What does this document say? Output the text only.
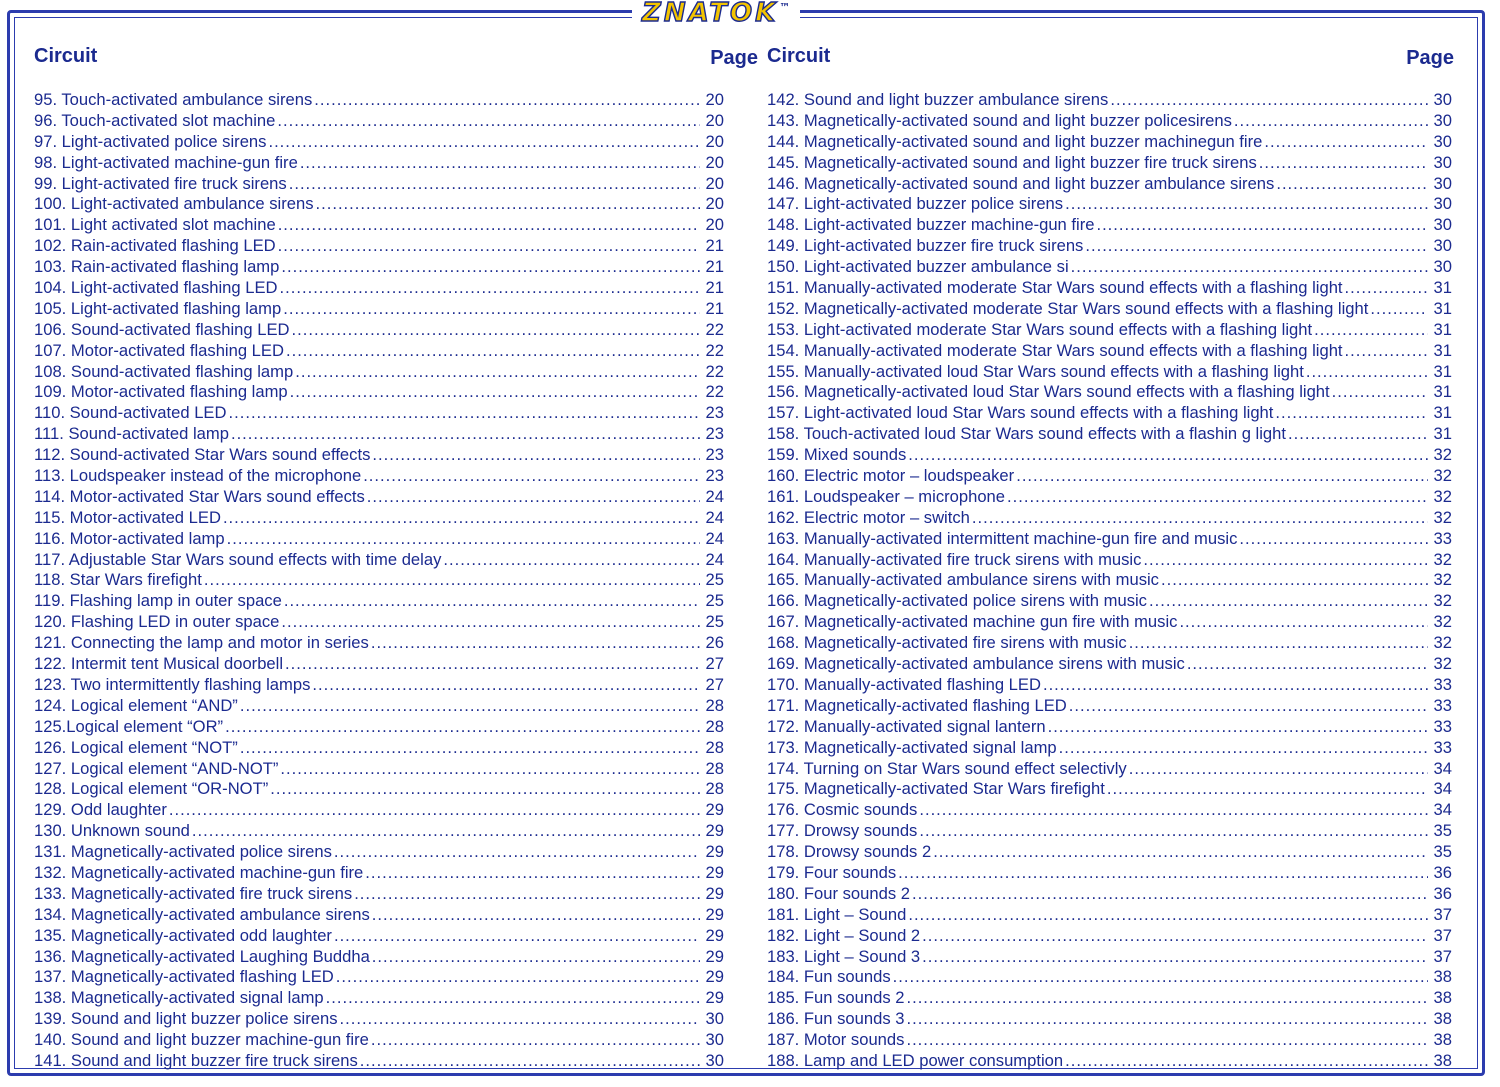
ZNATOK ™
Circuit	Page
95. Touch-activated ambulance sirens .....	20
96. Touch-activated slot machine .....	20
97. Light-activated police sirens .....	20
98. Light-activated machine-gun fire .....	20
99. Light-activated fire truck sirens .....	20
100. Light-activated ambulance sirens .....	20
101. Light activated slot machine .....	20
102. Rain-activated flashing LED .....	21
103. Rain-activated flashing lamp .....	21
104. Light-activated flashing LED .....	21
105. Light-activated flashing lamp .....	21
106. Sound-activated flashing LED .....	22
107. Motor-activated flashing LED .....	22
108. Sound-activated flashing lamp .....	22
109. Motor-activated flashing lamp .....	22
110. Sound-activated LED .....	23
111. Sound-activated lamp .....	23
112. Sound-activated Star Wars sound effects .....	23
113. Loudspeaker instead of the microphone .....	23
114. Motor-activated Star Wars sound effects .....	24
115. Motor-activated LED .....	24
116. Motor-activated lamp .....	24
117. Adjustable Star Wars sound effects with time delay .....	24
118. Star Wars firefight .....	25
119. Flashing lamp in outer space .....	25
120. Flashing LED in outer space .....	25
121. Connecting the lamp and motor in series .....	26
122. Intermit tent Musical doorbell .....	27
123. Two intermittently flashing lamps .....	27
124. Logical element “AND” .....	28
125.Logical element “OR” .....	28
126. Logical element “NOT” .....	28
127. Logical element “AND-NOT” .....	28
128. Logical element “OR-NOT” .....	28
129. Odd laughter .....	29
130. Unknown sound .....	29
131. Magnetically-activated police sirens .....	29
132. Magnetically-activated machine-gun fire .....	29
133. Magnetically-activated fire truck sirens .....	29
134. Magnetically-activated ambulance sirens .....	29
135. Magnetically-activated odd laughter .....	29
136. Magnetically-activated Laughing Buddha .....	29
137. Magnetically-activated flashing LED .....	29
138. Magnetically-activated signal lamp .....	29
139. Sound and light buzzer police sirens .....	30
140. Sound and light buzzer machine-gun fire .....	30
141. Sound and light buzzer fire truck sirens .....	30
Circuit	Page
142. Sound and light buzzer ambulance sirens .....	30
143. Magnetically-activated sound and light buzzer policesirens .....	30
144. Magnetically-activated sound and light buzzer machinegun fire .....	30
145. Magnetically-activated sound and light buzzer fire truck sirens .....	30
146. Magnetically-activated sound and light buzzer ambulance sirens .....	30
147. Light-activated buzzer police sirens .....	30
148. Light-activated buzzer machine-gun fire .....	30
149. Light-activated buzzer fire truck sirens .....	30
150. Light-activated buzzer ambulance si .....	30
151. Manually-activated moderate Star Wars sound effects with a flashing light .....	31
152. Magnetically-activated moderate Star Wars sound effects with a flashing light .....	31
153. Light-activated moderate Star Wars sound effects with a flashing light .....	31
154. Manually-activated moderate Star Wars sound effects with a flashing light .....	31
155. Manually-activated loud Star Wars sound effects with a flashing light .....	31
156. Magnetically-activated loud Star Wars sound effects with a flashing light .....	31
157. Light-activated loud Star Wars sound effects with a flashing light .....	31
158. Touch-activated loud Star Wars sound effects with a flashin g light .....	31
159. Mixed sounds .....	32
160. Electric motor – loudspeaker .....	32
161. Loudspeaker – microphone .....	32
162. Electric motor – switch .....	32
163. Manually-activated intermittent machine-gun fire and music .....	33
164. Manually-activated fire truck sirens with music .....	32
165. Manually-activated ambulance sirens with music .....	32
166. Magnetically-activated police sirens with music .....	32
167. Magnetically-activated machine gun fire with music .....	32
168. Magnetically-activated fire sirens with music .....	32
169. Magnetically-activated ambulance sirens with music .....	32
170. Manually-activated flashing LED .....	33
171. Magnetically-activated flashing LED .....	33
172. Manually-activated signal lantern .....	33
173. Magnetically-activated signal lamp .....	33
174. Turning on Star Wars sound effect selectivly .....	34
175. Magnetically-activated Star Wars firefight .....	34
176. Cosmic sounds .....	34
177. Drowsy sounds .....	35
178. Drowsy sounds 2 .....	35
179. Four sounds .....	36
180. Four sounds 2 .....	36
181. Light – Sound .....	37
182. Light – Sound 2 .....	37
183. Light – Sound 3 .....	37
184. Fun sounds .....	38
185. Fun sounds 2 .....	38
186. Fun sounds 3 .....	38
187. Motor sounds .....	38
188. Lamp and LED power consumption .....	38
